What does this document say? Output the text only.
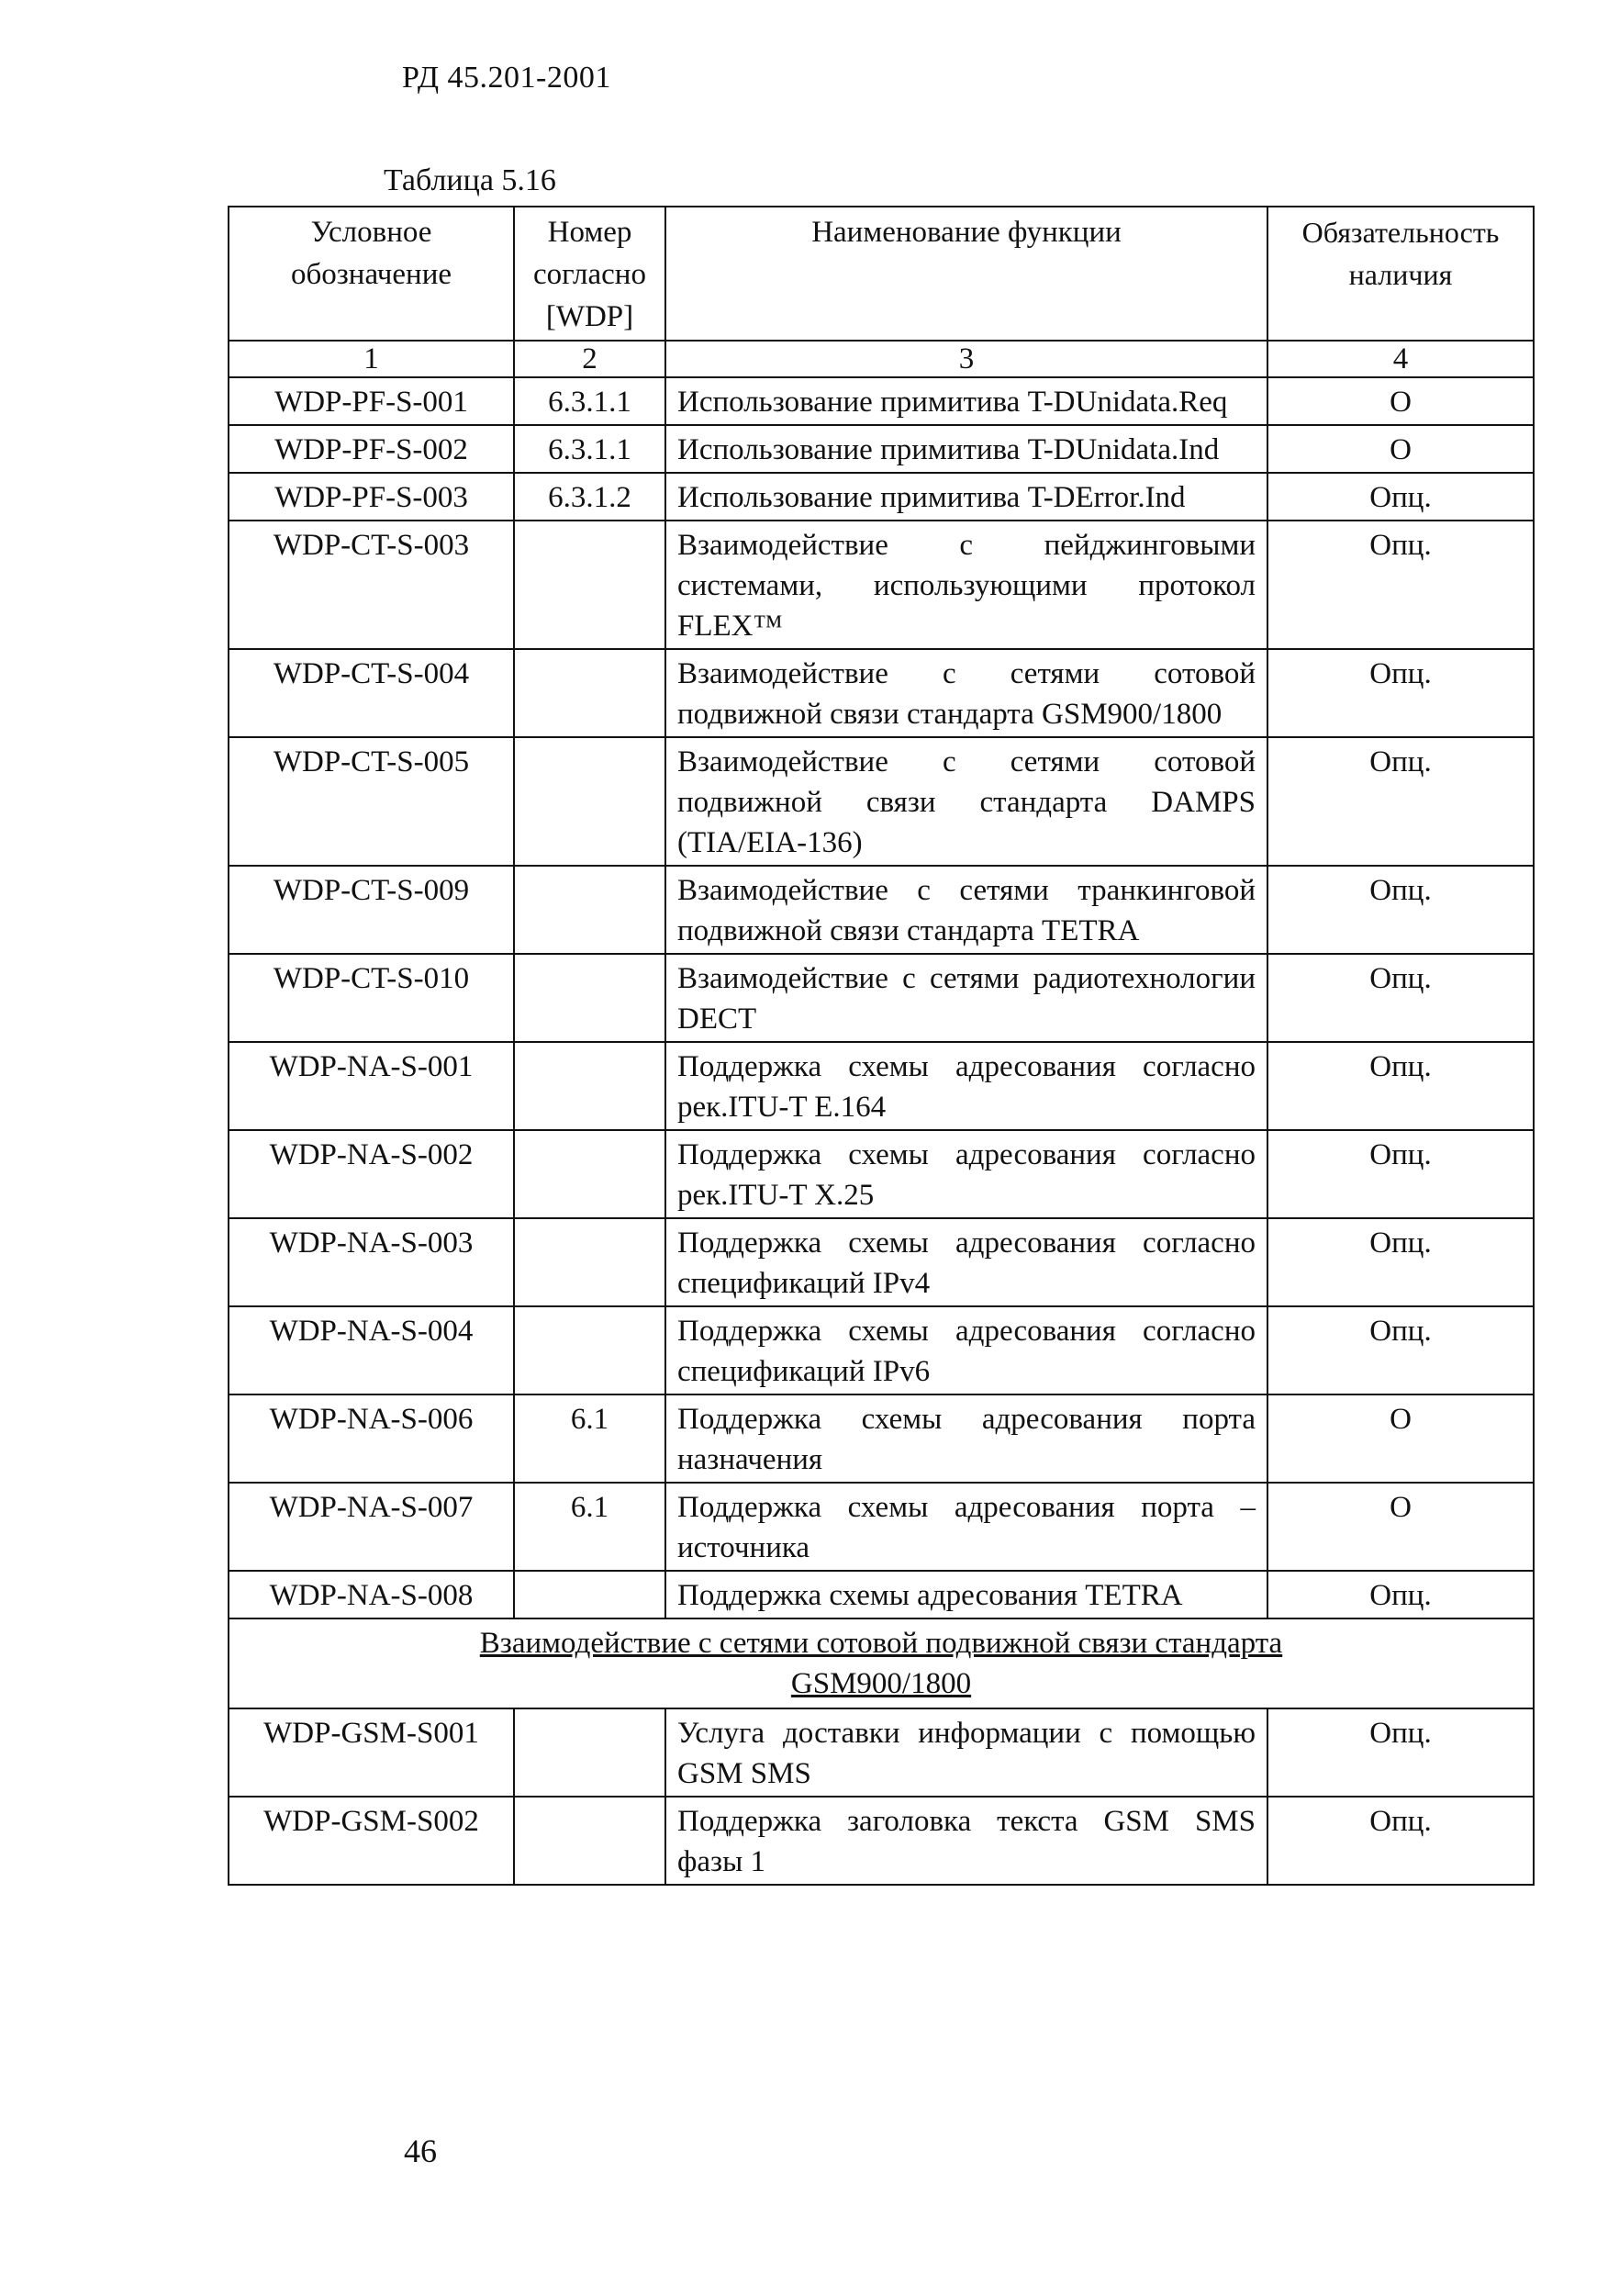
РД 45.201-2001
Таблица 5.16
Условное обозначение	Номер согласно [WDP]	Наименование функции	Обязательность наличия
1	2	3	4
WDP-PF-S-001	6.3.1.1	Использование примитива T-DUnidata.Req	О
WDP-PF-S-002	6.3.1.1	Использование примитива T-DUnidata.Ind	О
WDP-PF-S-003	6.3.1.2	Использование примитива T-DError.Ind	Опц.
WDP-CT-S-003		Взаимодействие с пейджинговыми системами, использующими протокол FLEX™	Опц.
WDP-CT-S-004		Взаимодействие с сетями сотовой подвижной связи стандарта GSM900/1800	Опц.
WDP-CT-S-005		Взаимодействие с сетями сотовой подвижной связи стандарта DAMPS (TIA/EIA-136)	Опц.
WDP-CT-S-009		Взаимодействие с сетями транкинговой подвижной связи стандарта TETRA	Опц.
WDP-CT-S-010		Взаимодействие с сетями радиотехнологии DECT	Опц.
WDP-NA-S-001		Поддержка схемы адресования согласно рек.ITU-T E.164	Опц.
WDP-NA-S-002		Поддержка схемы адресования согласно рек.ITU-T X.25	Опц.
WDP-NA-S-003		Поддержка схемы адресования согласно спецификаций IPv4	Опц.
WDP-NA-S-004		Поддержка схемы адресования согласно спецификаций IPv6	Опц.
WDP-NA-S-006	6.1	Поддержка схемы адресования порта назначения	О
WDP-NA-S-007	6.1	Поддержка схемы адресования порта – источника	О
WDP-NA-S-008		Поддержка схемы адресования TETRA	Опц.
Взаимодействие с сетями сотовой подвижной связи стандарта GSM900/1800			
WDP-GSM-S001		Услуга доставки информации с помощью GSM SMS	Опц.
WDP-GSM-S002		Поддержка заголовка текста GSM SMS фазы 1	Опц.
46
